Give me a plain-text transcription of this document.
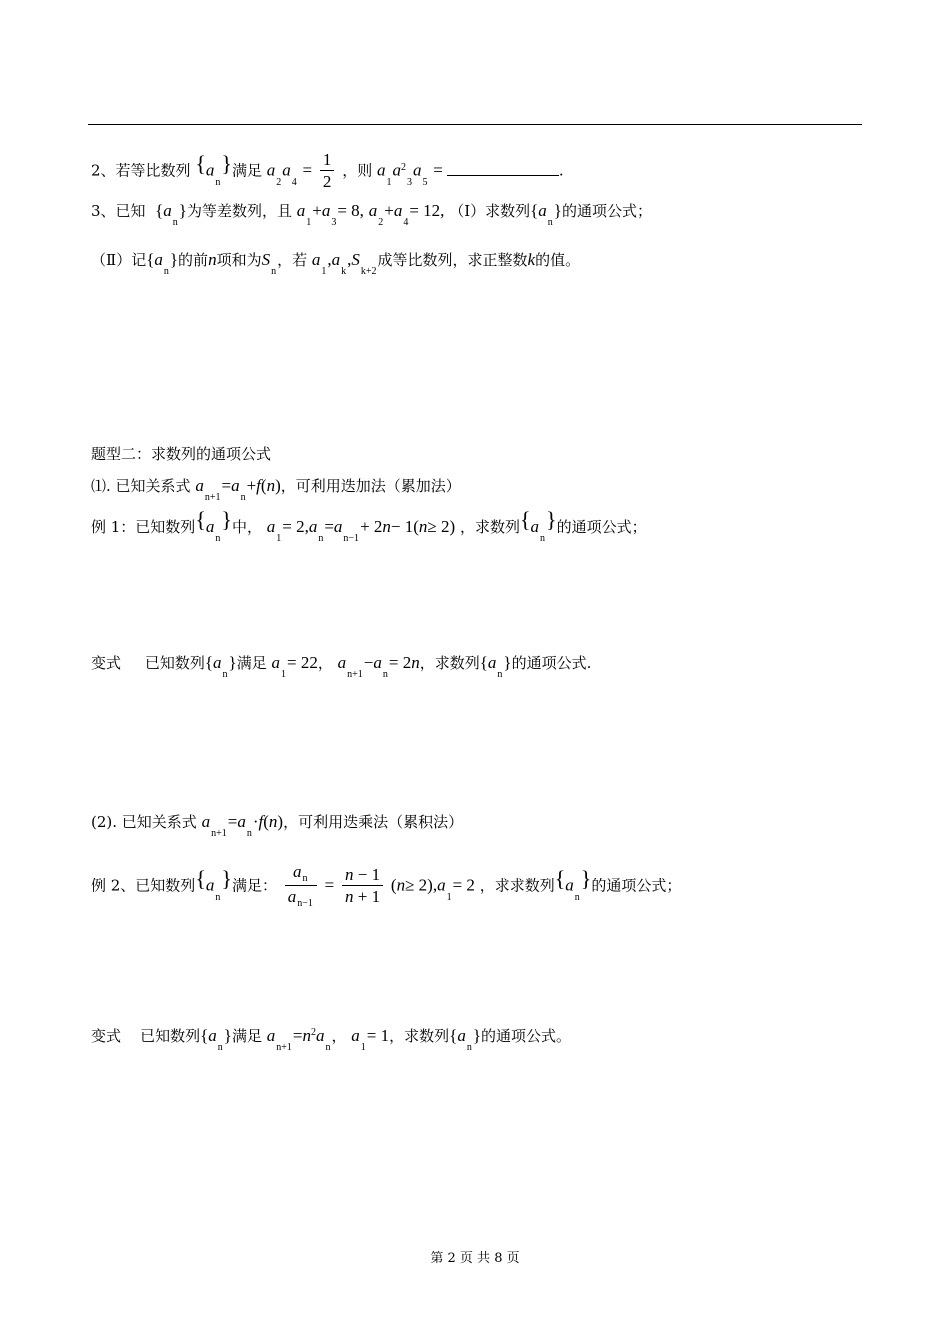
2、若等比数列 $\{a_n\}$满足 $a_2a_4 = \frac{1}{2}$ ，则 $a_1a^2_3a_5$ =	.
3、已知 $\{a_n\}$为等差数列，且 $a_1+a_3= 8$, $a_2+a_4= 12$, （Ⅰ）求数列$\{a_n\}$的通项公式；
（Ⅱ）记$\{a_n\}$的前n项和为$S_n$，若 $a_1,a_k,S_{k+2}$成等比数列，求正整数k的值。
题型二：求数列的通项公式
⑴. 已知关系式 $a_{n+1}=a_n+f(n)$，可利用迭加法（累加法）
例 1：已知数列$\{a_n\}$中， $a_1= 2,a_n=a_{n-1}+ 2n- 1(n\ge 2)$ ，求数列$\{a_n\}$的通项公式；
变式 已知数列$\{a_n\}$满足 $a_1= 22$， $a_{n+1}-a_n= 2n$，求数列$\{a_n\}$的通项公式.
(2). 已知关系式 $a_{n+1}=a_n\cdot f(n)$，可利用迭乘法（累积法）
例 2、已知数列$\{a_n\}$满足： $\frac{a_n}{a_{n-1}} = \frac{n - 1}{n + 1} (n\ge 2),a_1= 2$ ，求求数列$\{a_n\}$的通项公式；
变式 已知数列$\{a_n\}$满足 $a_{n+1}=n^2a_n$， $a_1= 1$，求数列$\{a_n\}$的通项公式。
第 2 页 共 8 页
